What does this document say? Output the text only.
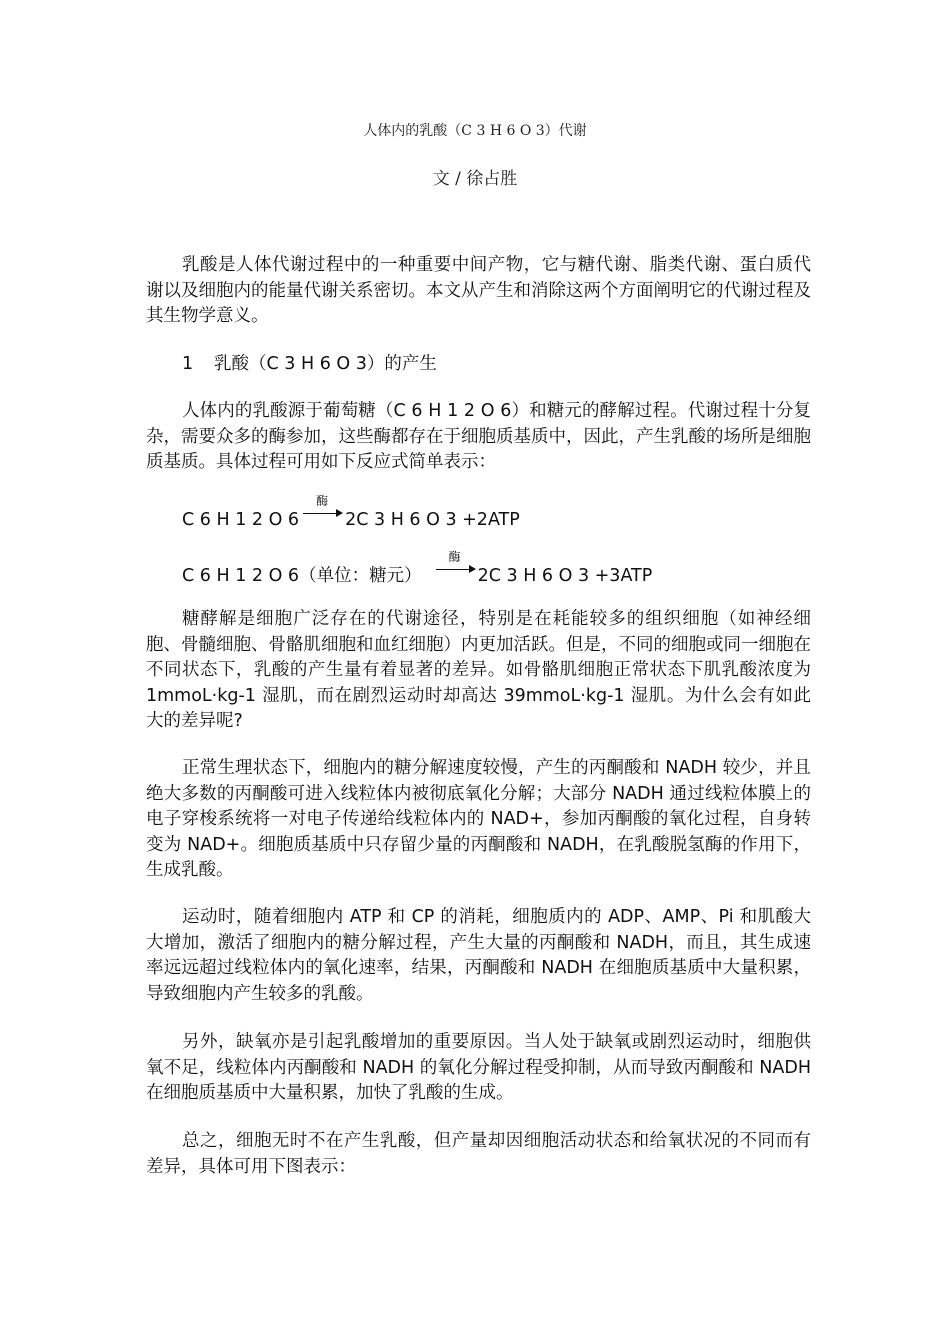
人体内的乳酸（C 3 H 6 O 3）代谢
文 / 徐占胜

乳酸是人体代谢过程中的一种重要中间产物，它与糖代谢、脂类代谢、蛋白质代谢以及细胞内的能量代谢关系密切。本文从产生和消除这两个方面阐明它的代谢过程及其生物学意义。

1 乳酸（C 3 H 6 O 3）的产生

人体内的乳酸源于葡萄糖（C 6 H 1 2 O 6）和糖元的酵解过程。代谢过程十分复杂，需要众多的酶参加，这些酶都存在于细胞质基质中，因此，产生乳酸的场所是细胞质基质。具体过程可用如下反应式简单表示：

C 6 H 1 2 O 6
酶
2C 3 H 6 O 3 +2ATP
C 6 H 1 2 O 6（单位：糖元）
酶
2C 3 H 6 O 3 +3ATP

糖酵解是细胞广泛存在的代谢途径，特别是在耗能较多的组织细胞（如神经细胞、骨髓细胞、骨骼肌细胞和血红细胞）内更加活跃。但是，不同的细胞或同一细胞在不同状态下，乳酸的产生量有着显著的差异。如骨骼肌细胞正常状态下肌乳酸浓度为 1mmoL·kg-1 湿肌，而在剧烈运动时却高达 39mmoL·kg-1 湿肌。为什么会有如此大的差异呢?

正常生理状态下，细胞内的糖分解速度较慢，产生的丙酮酸和 NADH 较少，并且绝大多数的丙酮酸可进入线粒体内被彻底氧化分解；大部分 NADH 通过线粒体膜上的电子穿梭系统将一对电子传递给线粒体内的 NAD+，参加丙酮酸的氧化过程，自身转变为 NAD+。细胞质基质中只存留少量的丙酮酸和 NADH，在乳酸脱氢酶的作用下，生成乳酸。

运动时，随着细胞内 ATP 和 CP 的消耗，细胞质内的 ADP、AMP、Pi 和肌酸大大增加，激活了细胞内的糖分解过程，产生大量的丙酮酸和 NADH，而且，其生成速率远远超过线粒体内的氧化速率，结果，丙酮酸和 NADH 在细胞质基质中大量积累，导致细胞内产生较多的乳酸。

另外，缺氧亦是引起乳酸增加的重要原因。当人处于缺氧或剧烈运动时，细胞供氧不足，线粒体内丙酮酸和 NADH 的氧化分解过程受抑制，从而导致丙酮酸和 NADH 在细胞质基质中大量积累，加快了乳酸的生成。

总之，细胞无时不在产生乳酸，但产量却因细胞活动状态和给氧状况的不同而有差异，具体可用下图表示：
